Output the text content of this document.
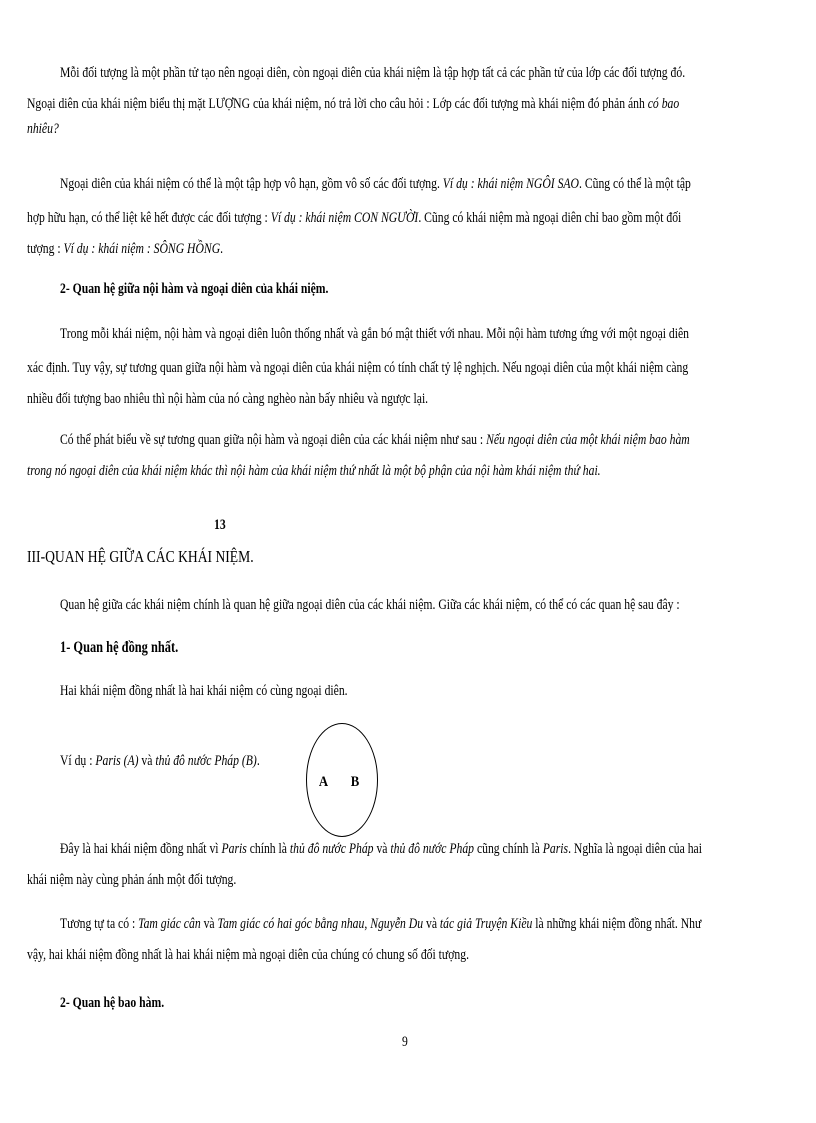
Mỗi đối tượng là một phần tử tạo nên ngoại diên, còn ngoại diên của khái niệm là tập hợp tất cả các phần tử của lớp các đối tượng đó.

Ngoại diên của khái niệm biểu thị mặt LƯỢNG của khái niệm, nó trả lời cho câu hỏi : Lớp các đối tượng mà khái niệm đó phản ánh có bao
nhiêu?

Ngoại diên của khái niệm có thể là một tập hợp vô hạn, gồm vô số các đối tượng. Ví dụ : khái niệm NGÔI SAO. Cũng có thể là một tập

hợp hữu hạn, có thể liệt kê hết được các đối tượng : Ví dụ : khái niệm CON NGƯỜI. Cũng có khái niệm mà ngoại diên chỉ bao gồm một đối
tượng : Ví dụ : khái niệm : SÔNG HỒNG.

2- Quan hệ giữa nội hàm và ngoại diên của khái niệm.

Trong mỗi khái niệm, nội hàm và ngoại diên luôn thống nhất và gắn bó mật thiết với nhau. Mỗi nội hàm tương ứng với một ngoại diên

xác định. Tuy vậy, sự tương quan giữa nội hàm và ngoại diên của khái niệm có tính chất tỷ lệ nghịch. Nếu ngoại diên của một khái niệm càng
nhiều đối tượng bao nhiêu thì nội hàm của nó càng nghèo nàn bấy nhiêu và ngược lại.

Có thể phát biểu về sự tương quan giữa nội hàm và ngoại diên của các khái niệm như sau : Nếu ngoại diên của một khái niệm bao hàm

trong nó ngoại diên của khái niệm khác thì nội hàm của khái niệm thứ nhất là một bộ phận của nội hàm khái niệm thứ hai.

13

III-QUAN HỆ GIỮA CÁC KHÁI NIỆM.

Quan hệ giữa các khái niệm chính là quan hệ giữa ngoại diên của các khái niệm. Giữa các khái niệm, có thể có các quan hệ sau đây :

1- Quan hệ đồng nhất.

Hai khái niệm đồng nhất là hai khái niệm có cùng ngoại diên.

Ví dụ : Paris (A) và thủ đô nước Pháp (B).

A B

Đây là hai khái niệm đồng nhất vì Paris chính là thủ đô nước Pháp và thủ đô nước Pháp cũng chính là Paris. Nghĩa là ngoại diên của hai

khái niệm này cùng phản ánh một đối tượng.

Tương tự ta có : Tam giác cân và Tam giác có hai góc bằng nhau, Nguyễn Du và tác giả Truyện Kiều là những khái niệm đồng nhất. Như

vậy, hai khái niệm đồng nhất là hai khái niệm mà ngoại diên của chúng có chung số đối tượng.

2- Quan hệ bao hàm.

9
